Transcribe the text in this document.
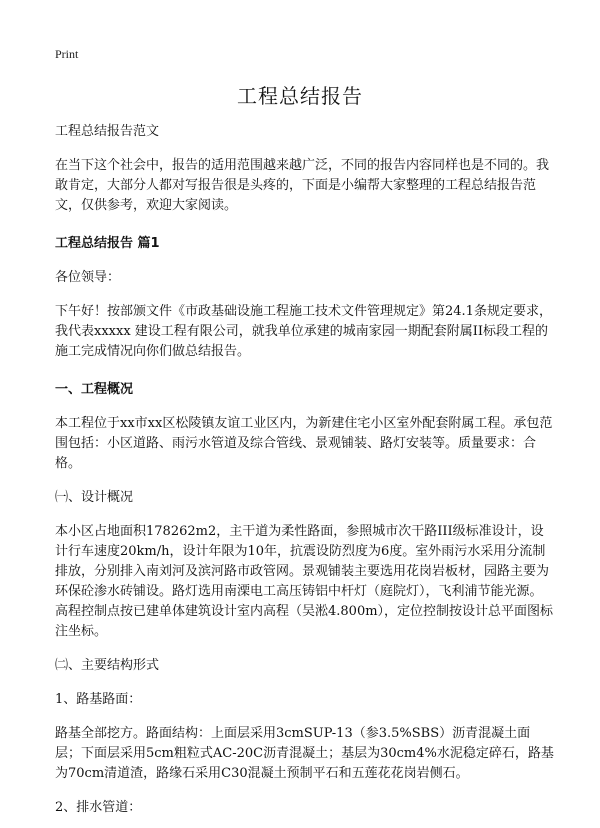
Print
工程总结报告

工程总结报告范文

在当下这个社会中，报告的适用范围越来越广泛，不同的报告内容同样也是不同的。我敢肯定，大部分人都对写报告很是头疼的，下面是小编帮大家整理的工程总结报告范文，仅供参考，欢迎大家阅读。

工程总结报告 篇1

各位领导：

下午好！按部颁文件《市政基础设施工程施工技术文件管理规定》第24.1条规定要求，我代表xxxxx 建设工程有限公司，就我单位承建的城南家园一期配套附属II标段工程的施工完成情况向你们做总结报告。

一、工程概况

本工程位于xx市xx区松陵镇友谊工业区内，为新建住宅小区室外配套附属工程。承包范围包括：小区道路、雨污水管道及综合管线、景观铺装、路灯安装等。质量要求：合格。

㈠、设计概况

本小区占地面积178262m2，主干道为柔性路面，参照城市次干路III级标准设计，设计行车速度20km/h，设计年限为10年，抗震设防烈度为6度。室外雨污水采用分流制排放，分别排入南刘河及滨河路市政管网。景观铺装主要选用花岗岩板材，园路主要为环保砼渗水砖铺设。路灯选用南溧电工高压铸铝中杆灯（庭院灯），飞利浦节能光源。高程控制点按已建单体建筑设计室内高程（吴淞4.800m），定位控制按设计总平面图标注坐标。

㈡、主要结构形式

1、路基路面：

路基全部挖方。路面结构：上面层采用3cmSUP-13（参3.5%SBS）沥青混凝土面层；下面层采用5cm粗粒式AC-20C沥青混凝土；基层为30cm4%水泥稳定碎石，路基为70cm清道渣，路缘石采用C30混凝土预制平石和五莲花花岗岩侧石。

2、排水管道：
